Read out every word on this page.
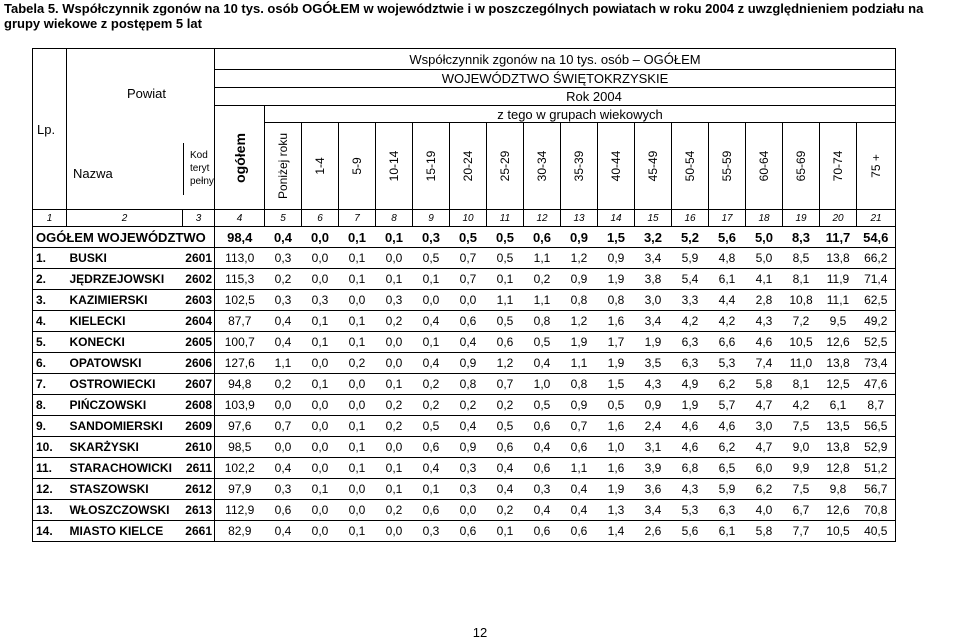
Tabela 5. Współczynnik zgonów na 10 tys. osób OGÓŁEM w województwie i w poszczególnych powiatach w roku 2004 z uwzględnieniem podziału na grupy wiekowe z postępem 5 lat
Lp.	Powiat
Nazwa
Kod
teryt
pełny		Współczynnik zgonów na 10 tys. osób – OGÓŁEM																	
			WOJEWÓDZTWO ŚWIĘTOKRZYSKIE																	
			Rok 2004																	

			ogółem	z tego w grupach wiekowych																

				Poniżej roku	1-4	5-9	10-14	15-19	20-24	25-29	30-34	35-39	40-44	45-49	50-54	55-59	60-64	65-69	70-74	75 +

1	2	3	4	5	6	7	8	9	10	11	12	13	14	15	16	17	18	19	20	21
OGÓŁEM WOJEWÓDZTWO			98,4	0,4	0,0	0,1	0,1	0,3	0,5	0,5	0,6	0,9	1,5	3,2	5,2	5,6	5,0	8,3	11,7	54,6
1.	BUSKI	2601	113,0	0,3	0,0	0,1	0,0	0,5	0,7	0,5	1,1	1,2	0,9	3,4	5,9	4,8	5,0	8,5	13,8	66,2
2.	JĘDRZEJOWSKI	2602	115,3	0,2	0,0	0,1	0,1	0,1	0,7	0,1	0,2	0,9	1,9	3,8	5,4	6,1	4,1	8,1	11,9	71,4
3.	KAZIMIERSKI	2603	102,5	0,3	0,3	0,0	0,3	0,0	0,0	1,1	1,1	0,8	0,8	3,0	3,3	4,4	2,8	10,8	11,1	62,5
4.	KIELECKI	2604	87,7	0,4	0,1	0,1	0,2	0,4	0,6	0,5	0,8	1,2	1,6	3,4	4,2	4,2	4,3	7,2	9,5	49,2
5.	KONECKI	2605	100,7	0,4	0,1	0,1	0,0	0,1	0,4	0,6	0,5	1,9	1,7	1,9	6,3	6,6	4,6	10,5	12,6	52,5
6.	OPATOWSKI	2606	127,6	1,1	0,0	0,2	0,0	0,4	0,9	1,2	0,4	1,1	1,9	3,5	6,3	5,3	7,4	11,0	13,8	73,4
7.	OSTROWIECKI	2607	94,8	0,2	0,1	0,0	0,1	0,2	0,8	0,7	1,0	0,8	1,5	4,3	4,9	6,2	5,8	8,1	12,5	47,6
8.	PIŃCZOWSKI	2608	103,9	0,0	0,0	0,0	0,2	0,2	0,2	0,2	0,5	0,9	0,5	0,9	1,9	5,7	4,7	4,2	6,1	8,7
9.	SANDOMIERSKI	2609	97,6	0,7	0,0	0,1	0,2	0,5	0,4	0,5	0,6	0,7	1,6	2,4	4,6	4,6	3,0	7,5	13,5	56,5
10.	SKARŻYSKI	2610	98,5	0,0	0,0	0,1	0,0	0,6	0,9	0,6	0,4	0,6	1,0	3,1	4,6	6,2	4,7	9,0	13,8	52,9
11.	STARACHOWICKI	2611	102,2	0,4	0,0	0,1	0,1	0,4	0,3	0,4	0,6	1,1	1,6	3,9	6,8	6,5	6,0	9,9	12,8	51,2
12.	STASZOWSKI	2612	97,9	0,3	0,1	0,0	0,1	0,1	0,3	0,4	0,3	0,4	1,9	3,6	4,3	5,9	6,2	7,5	9,8	56,7
13.	WŁOSZCZOWSKI	2613	112,9	0,6	0,0	0,0	0,2	0,6	0,0	0,2	0,4	0,4	1,3	3,4	5,3	6,3	4,0	6,7	12,6	70,8
14.	MIASTO KIELCE	2661	82,9	0,4	0,0	0,1	0,0	0,3	0,6	0,1	0,6	0,6	1,4	2,6	5,6	6,1	5,8	7,7	10,5	40,5
12
